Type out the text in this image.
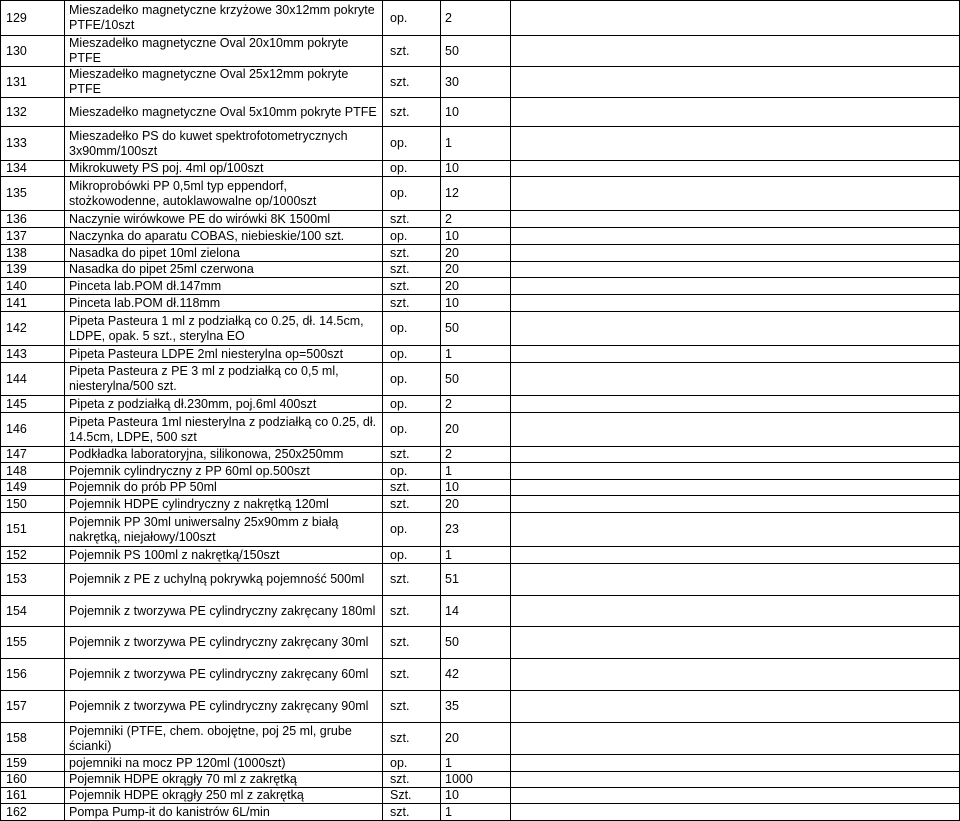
129	Mieszadełko magnetyczne krzyżowe 30x12mm pokryte PTFE/10szt	op.	2	
130	Mieszadełko magnetyczne Oval 20x10mm pokryte PTFE	szt.	50	
131	Mieszadełko magnetyczne Oval 25x12mm pokryte PTFE	szt.	30	
132	Mieszadełko magnetyczne Oval 5x10mm pokryte PTFE	szt.	10	
133	Mieszadełko PS do kuwet spektrofotometrycznych 3x90mm/100szt	op.	1	
134	Mikrokuwety PS poj. 4ml op/100szt	op.	10	
135	Mikroprobówki PP 0,5ml typ eppendorf, stożkowodenne, autoklawowalne op/1000szt	op.	12	
136	Naczynie wirówkowe PE do wirówki 8K 1500ml	szt.	2	
137	Naczynka do aparatu COBAS, niebieskie/100 szt.	op.	10	
138	Nasadka do pipet 10ml zielona	szt.	20	
139	Nasadka do pipet 25ml czerwona	szt.	20	
140	Pinceta lab.POM dł.147mm	szt.	20	
141	Pinceta lab.POM dł.118mm	szt.	10	
142	Pipeta Pasteura 1 ml z podziałką co 0.25, dł. 14.5cm, LDPE, opak. 5 szt., sterylna EO	op.	50	
143	Pipeta Pasteura LDPE 2ml niesterylna op=500szt	op.	1	
144	Pipeta Pasteura z PE 3 ml z podziałką co 0,5 ml, niesterylna/500 szt.	op.	50	
145	Pipeta z podziałką dł.230mm, poj.6ml 400szt	op.	2	
146	Pipeta Pasteura 1ml niesterylna z podziałką co 0.25, dł. 14.5cm, LDPE, 500 szt	op.	20	
147	Podkładka laboratoryjna, silikonowa, 250x250mm	szt.	2	
148	Pojemnik cylindryczny z PP 60ml op.500szt	op.	1	
149	Pojemnik do prób PP 50ml	szt.	10	
150	Pojemnik HDPE cylindryczny z nakrętką 120ml	szt.	20	
151	Pojemnik PP 30ml uniwersalny 25x90mm z białą nakrętką, niejałowy/100szt	op.	23	
152	Pojemnik PS 100ml z nakrętką/150szt	op.	1	
153	Pojemnik z PE z uchylną pokrywką pojemność 500ml	szt.	51	
154	Pojemnik z tworzywa PE cylindryczny zakręcany 180ml	szt.	14	
155	Pojemnik z tworzywa PE cylindryczny zakręcany 30ml	szt.	50	
156	Pojemnik z tworzywa PE cylindryczny zakręcany 60ml	szt.	42	
157	Pojemnik z tworzywa PE cylindryczny zakręcany 90ml	szt.	35	
158	Pojemniki (PTFE, chem. obojętne, poj 25 ml, grube ścianki)	szt.	20	
159	pojemniki na mocz PP 120ml (1000szt)	op.	1	
160	Pojemnik HDPE okrągły 70 ml z zakrętką	szt.	1000	
161	Pojemnik HDPE okrągły 250 ml z zakrętką	Szt.	10	
162	Pompa Pump-it do kanistrów 6L/min	szt.	1	
